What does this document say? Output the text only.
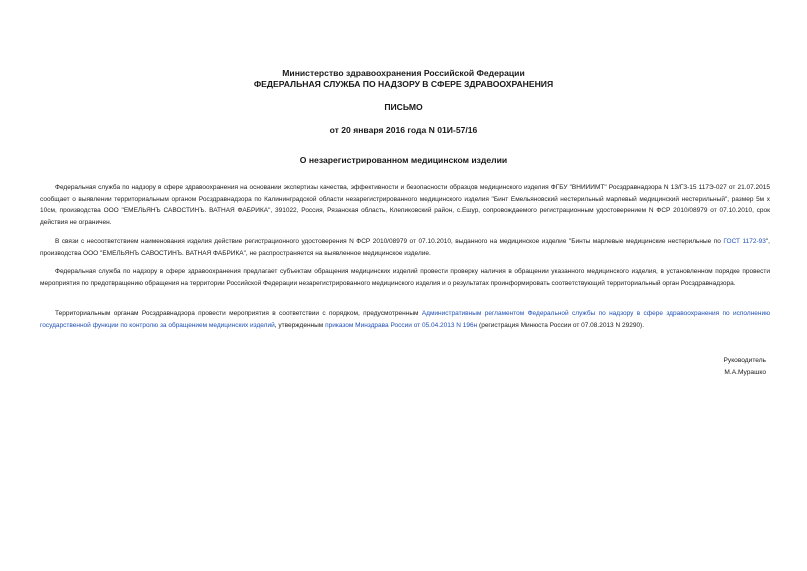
Министерство здравоохранения Российской Федерации
ФЕДЕРАЛЬНАЯ СЛУЖБА ПО НАДЗОРУ В СФЕРЕ ЗДРАВООХРАНЕНИЯ
ПИСЬМО
от 20 января 2016 года N 01И-57/16
О незарегистрированном медицинском изделии

Федеральная служба по надзору в сфере здравоохранения на основании экспертизы качества, эффективности и безопасности образцов медицинского изделия ФГБУ "ВНИИИМТ" Росздравнадзора N 13/ГЗ-15 117Э-027 от 21.07.2015 сообщает о выявлении территориальным органом Росздравнадзора по Калининградской области незарегистрированного медицинского изделия "Бинт Емельяновский нестерильный марлевый медицинский нестерильный", размер 5м х 10см, производства ООО "ЕМЕЛЬЯНЪ САВОСТИНЪ. ВАТНАЯ ФАБРИКА", 391022, Россия, Рязанская область, Клепиковский район, с.Ешур, сопровождаемого регистрационным удостоверением N ФСР 2010/08979 от 07.10.2010, срок действия не ограничен.

В связи с несоответствием наименования изделия действие регистрационного удостоверения N ФСР 2010/08979 от 07.10.2010, выданного на медицинское изделие "Бинты марлевые медицинские нестерильные по ГОСТ 1172-93", производства ООО "ЕМЕЛЬЯНЪ САВОСТИНЪ. ВАТНАЯ ФАБРИКА", не распространяется на выявленное медицинское изделие.

Федеральная служба по надзору в сфере здравоохранения предлагает субъектам обращения медицинских изделий провести проверку наличия в обращении указанного медицинского изделия, в установленном порядке провести мероприятия по предотвращению обращения на территории Российской Федерации незарегистрированного медицинского изделия и о результатах проинформировать соответствующий территориальный орган Росздравнадзора.

Территориальным органам Росздравнадзора провести мероприятия в соответствии с порядком, предусмотренным Административным регламентом Федеральной службы по надзору в сфере здравоохранения по исполнению государственной функции по контролю за обращением медицинских изделий, утвержденным приказом Минздрава России от 05.04.2013 N 196н (регистрация Минюста России от 07.08.2013 N 29290).

Руководитель
М.А.Мурашко
